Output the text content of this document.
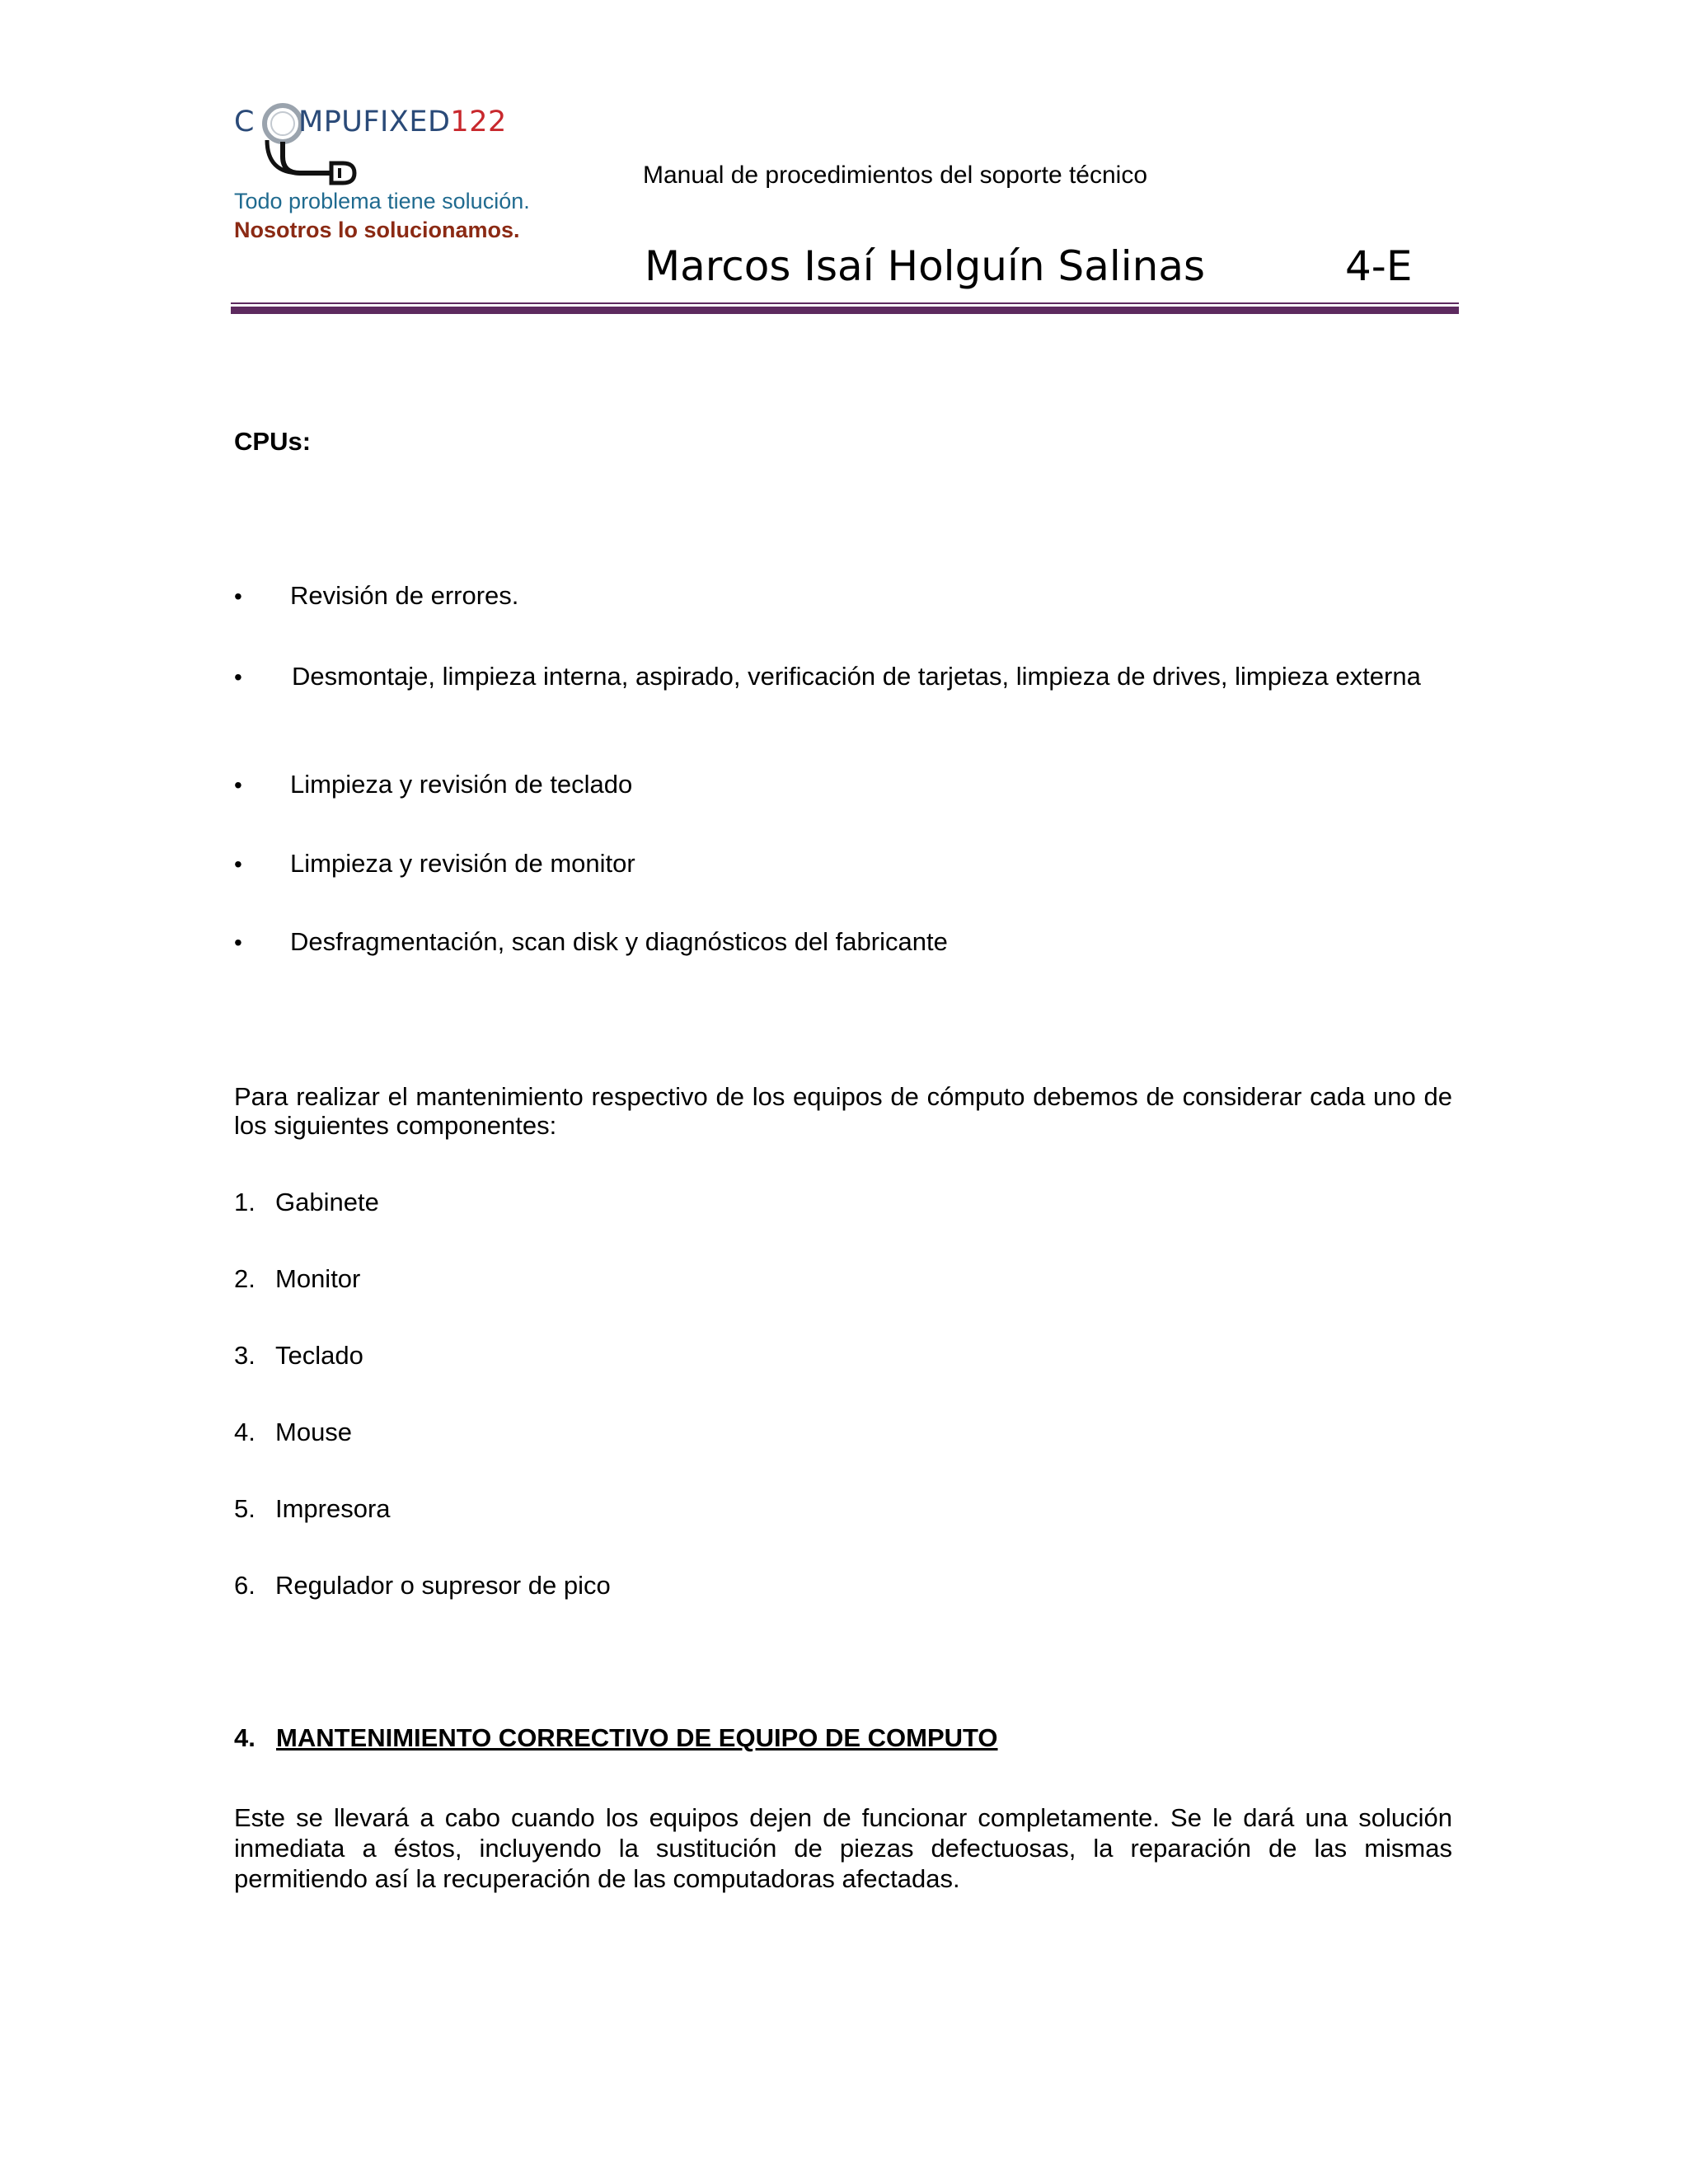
C MPUFIXED122
Todo problema tiene solución.
Nosotros lo solucionamos.
Manual de procedimientos del soporte técnico
Marcos Isaí Holguín Salinas	4-E
CPUs:
• Revisión de errores.
•	Desmontaje, limpieza interna, aspirado, verificación de tarjetas, limpieza de drives, limpieza externa
• Limpieza y revisión de teclado
• Limpieza y revisión de monitor
• Desfragmentación, scan disk y diagnósticos del fabricante
Para realizar el mantenimiento respectivo de los equipos de cómputo debemos de considerar cada uno de los siguientes componentes:
1. Gabinete
2. Monitor
3. Teclado
4. Mouse
5. Impresora
6. Regulador o supresor de pico
4. MANTENIMIENTO CORRECTIVO DE EQUIPO DE COMPUTO
Este se llevará a cabo cuando los equipos dejen de funcionar completamente. Se le dará una solución inmediata a éstos, incluyendo la sustitución de piezas defectuosas, la reparación de las mismas permitiendo así la recuperación de las computadoras afectadas.
